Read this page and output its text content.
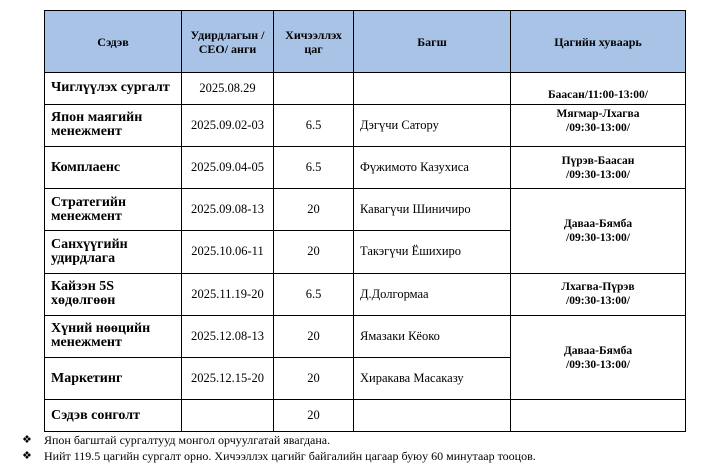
Сэдэв	Удирдлагын /СЕО/ анги	Хичээллэх цаг	Багш	Цагийн хуваарь
Чиглүүлэх сургалт	2025.08.29			Баасан/11:00-13:00/
Япон маягийн менежмент	2025.09.02-03	6.5	Дэгүчи Сатору	Мягмар-Лхагва
/09:30-13:00/

Комплаенс	2025.09.04-05	6.5	Фүжимото Казухиса	Пүрэв-Баасан
/09:30-13:00/

Стратегийн менежмент	2025.09.08-13	20	Кавагүчи Шиничиро	Даваа-Бямба
/09:30-13:00/

Санхүүгийн удирдлага	2025.10.06-11	20	Такэгүчи Ёшихиро	
Кайзэн 5S хөдөлгөөн	2025.11.19-20	6.5	Д.Долгормаа	Лхагва-Пүрэв
/09:30-13:00/

Хүний нөөцийн менежмент	2025.12.08-13	20	Ямазаки Кёоко	Даваа-Бямба
/09:30-13:00/

Маркетинг	2025.12.15-20	20	Хиракава Масаказу	
Сэдэв сонголт		20		
❖	Япон багштай сургалтууд монгол орчуулгатай явагдана.
❖	Нийт 119.5 цагийн сургалт орно. Хичээллэх цагийг байгалийн цагаар буюу 60 минутаар тооцов.
